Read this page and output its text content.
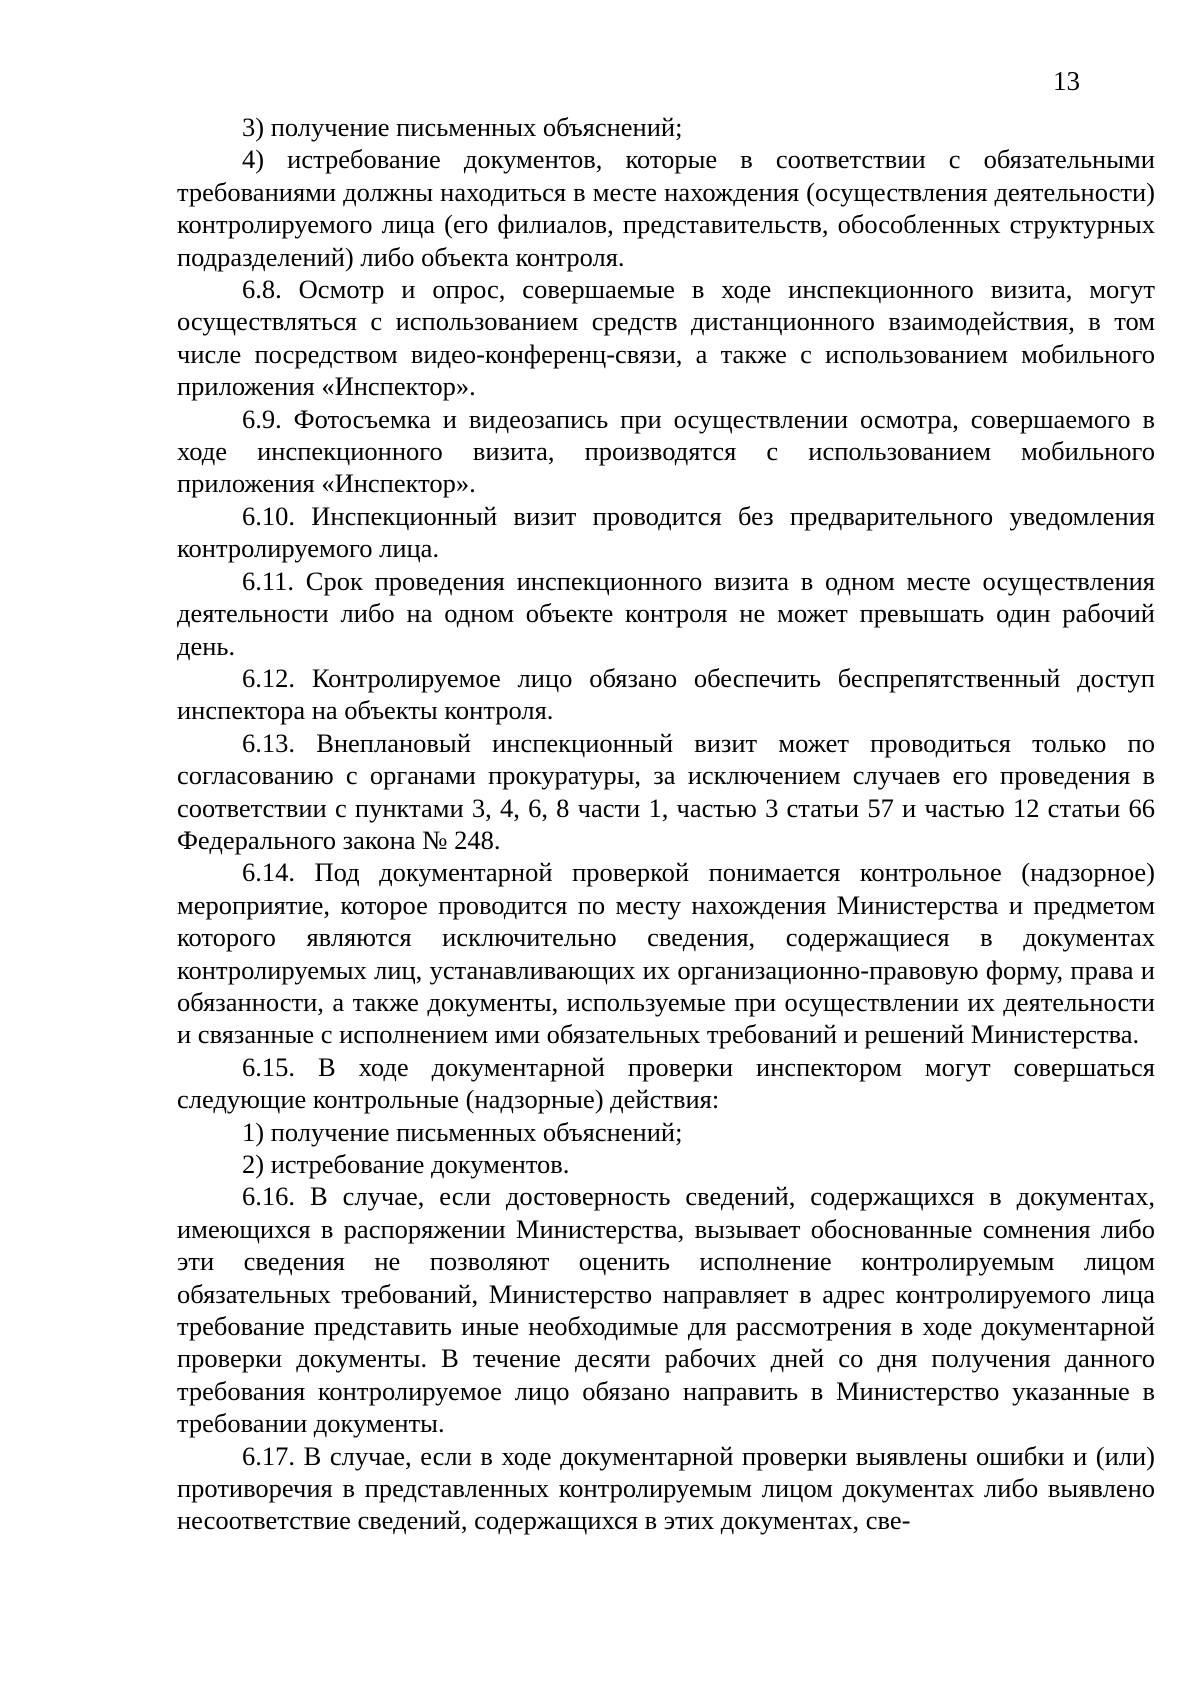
13

3) получение письменных объяснений;

4) истребование документов, которые в соответствии с обязательными требованиями должны находиться в месте нахождения (осуществления деятельности) контролируемого лица (его филиалов, представительств, обособленных структурных подразделений) либо объекта контроля.

6.8. Осмотр и опрос, совершаемые в ходе инспекционного визита, могут осуществляться с использованием средств дистанционного взаимодействия, в том числе посредством видео-конференц-связи, а также с использованием мобильного приложения «Инспектор».

6.9. Фотосъемка и видеозапись при осуществлении осмотра, совершаемого в ходе инспекционного визита, производятся с использованием мобильного приложения «Инспектор».

6.10. Инспекционный визит проводится без предварительного уведомления контролируемого лица.

6.11. Срок проведения инспекционного визита в одном месте осуществления деятельности либо на одном объекте контроля не может превышать один рабочий день.

6.12. Контролируемое лицо обязано обеспечить беспрепятственный доступ инспектора на объекты контроля.

6.13. Внеплановый инспекционный визит может проводиться только по согласованию с органами прокуратуры, за исключением случаев его проведения в соответствии с пунктами 3, 4, 6, 8 части 1, частью 3 статьи 57 и частью 12 статьи 66 Федерального закона № 248.

6.14. Под документарной проверкой понимается контрольное (надзорное) мероприятие, которое проводится по месту нахождения Министерства и предметом которого являются исключительно сведения, содержащиеся в документах контролируемых лиц, устанавливающих их организационно-правовую форму, права и обязанности, а также документы, используемые при осуществлении их деятельности и связанные с исполнением ими обязательных требований и решений Министерства.

6.15. В ходе документарной проверки инспектором могут совершаться следующие контрольные (надзорные) действия:

1) получение письменных объяснений;

2) истребование документов.

6.16. В случае, если достоверность сведений, содержащихся в документах, имеющихся в распоряжении Министерства, вызывает обоснованные сомнения либо эти сведения не позволяют оценить исполнение контролируемым лицом обязательных требований, Министерство направляет в адрес контролируемого лица требование представить иные необходимые для рассмотрения в ходе документарной проверки документы. В течение десяти рабочих дней со дня получения данного требования контролируемое лицо обязано направить в Министерство указанные в требовании документы.

6.17. В случае, если в ходе документарной проверки выявлены ошибки и (или) противоречия в представленных контролируемым лицом документах либо выявлено несоответствие сведений, содержащихся в этих документах, све-
